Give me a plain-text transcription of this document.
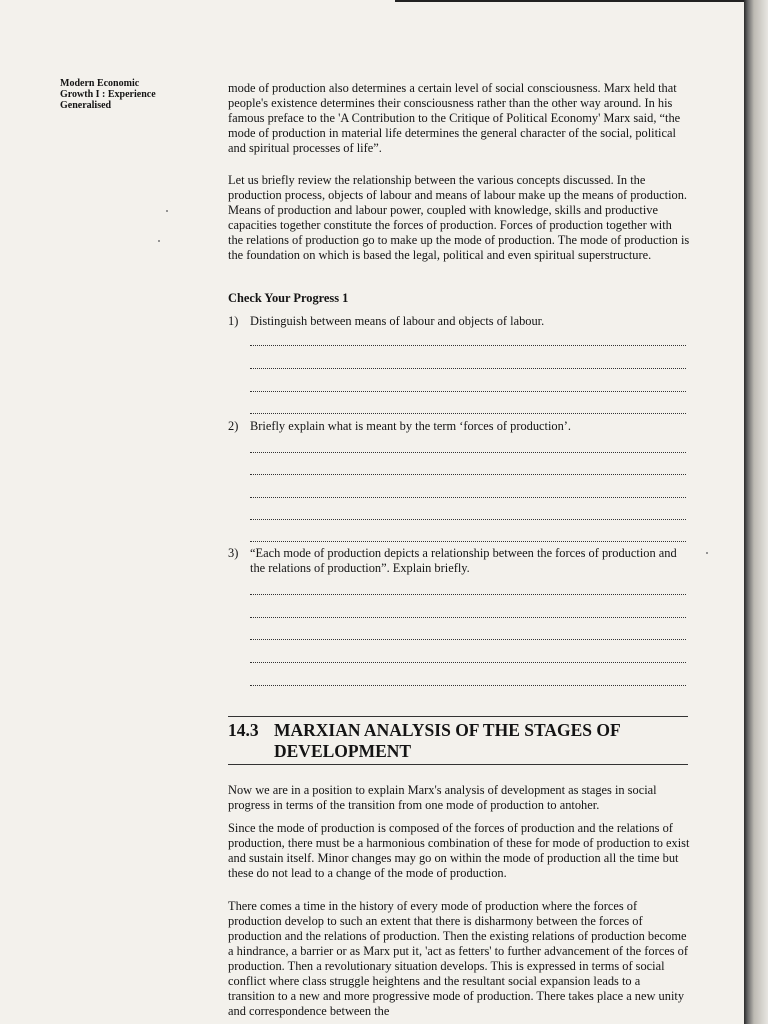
Modern Economic
Growth I : Experience
Generalised
mode of production also determines a certain level of social consciousness. Marx held that people's existence determines their consciousness rather than the other way around. In his famous preface to the 'A Contribution to the Critique of Political Economy' Marx said, “the mode of production in material life determines the general character of the social, political and spiritual processes of life”.
Let us briefly review the relationship between the various concepts discussed. In the production process, objects of labour and means of labour make up the means of production. Means of production and labour power, coupled with knowledge, skills and productive capacities together constitute the forces of production. Forces of production together with the relations of production go to make up the mode of production. The mode of production is the foundation on which is based the legal, political and even spiritual superstructure.
Check Your Progress 1
1) Distinguish between means of labour and objects of labour.
2) Briefly explain what is meant by the term ‘forces of production’.
3) “Each mode of production depicts a relationship between the forces of production and the relations of production”. Explain briefly.
14.3 MARXIAN ANALYSIS OF THE STAGES OF
DEVELOPMENT
Now we are in a position to explain Marx's analysis of development as stages in social progress in terms of the transition from one mode of production to antoher.
Since the mode of production is composed of the forces of production and the relations of production, there must be a harmonious combination of these for mode of production to exist and sustain itself. Minor changes may go on within the mode of production all the time but these do not lead to a change of the mode of production.
There comes a time in the history of every mode of production where the forces of production develop to such an extent that there is disharmony between the forces of production and the relations of production. Then the existing relations of production become a hindrance, a barrier or as Marx put it, 'act as fetters' to further advancement of the forces of production. Then a revolutionary situation develops. This is expressed in terms of social conflict where class struggle heightens and the resultant social expansion leads to a transition to a new and more progressive mode of production. There takes place a new unity and correspondence between the
